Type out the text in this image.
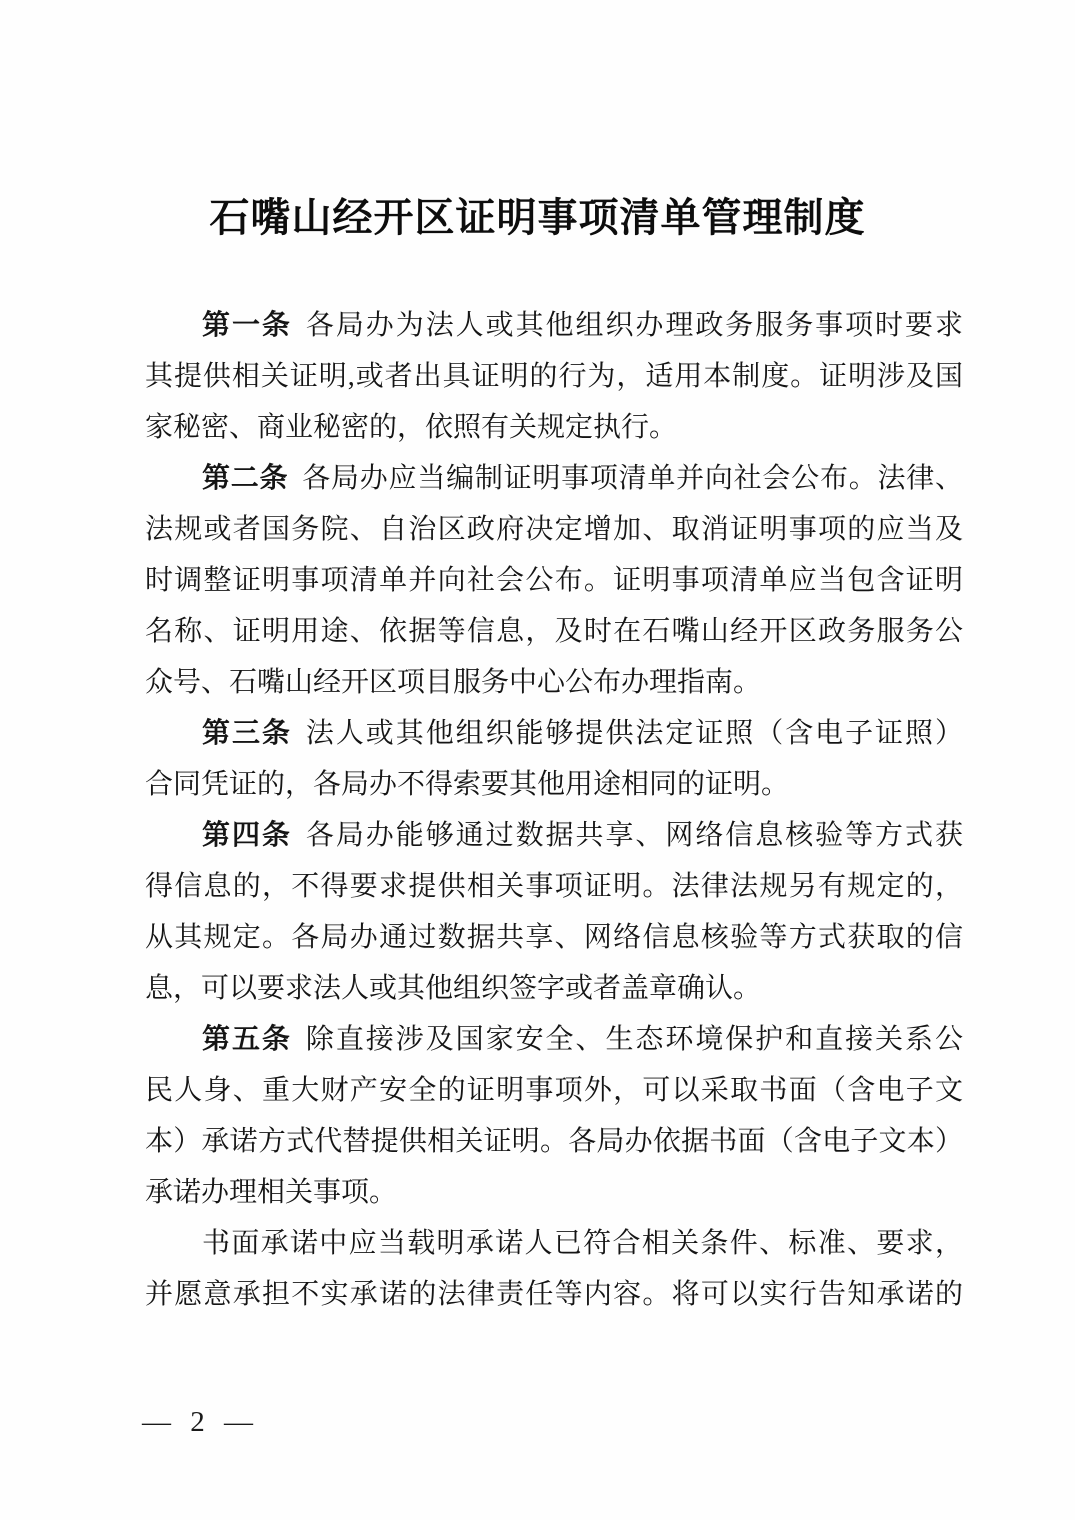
石嘴山经开区证明事项清单管理制度
第一条 各局办为法人或其他组织办理政务服务事项时要求
其提供相关证明,或者出具证明的行为，适用本制度。证明涉及国
家秘密、商业秘密的，依照有关规定执行。
第二条 各局办应当编制证明事项清单并向社会公布。法律、
法规或者国务院、自治区政府决定增加、取消证明事项的应当及
时调整证明事项清单并向社会公布。证明事项清单应当包含证明
名称、证明用途、依据等信息，及时在石嘴山经开区政务服务公
众号、石嘴山经开区项目服务中心公布办理指南。
第三条 法人或其他组织能够提供法定证照（含电子证照）
合同凭证的，各局办不得索要其他用途相同的证明。
第四条 各局办能够通过数据共享、网络信息核验等方式获
得信息的，不得要求提供相关事项证明。法律法规另有规定的，
从其规定。各局办通过数据共享、网络信息核验等方式获取的信
息，可以要求法人或其他组织签字或者盖章确认。
第五条 除直接涉及国家安全、生态环境保护和直接关系公
民人身、重大财产安全的证明事项外，可以采取书面（含电子文
本）承诺方式代替提供相关证明。各局办依据书面（含电子文本）
承诺办理相关事项。
书面承诺中应当载明承诺人已符合相关条件、标准、要求，
并愿意承担不实承诺的法律责任等内容。将可以实行告知承诺的
— 2 —
